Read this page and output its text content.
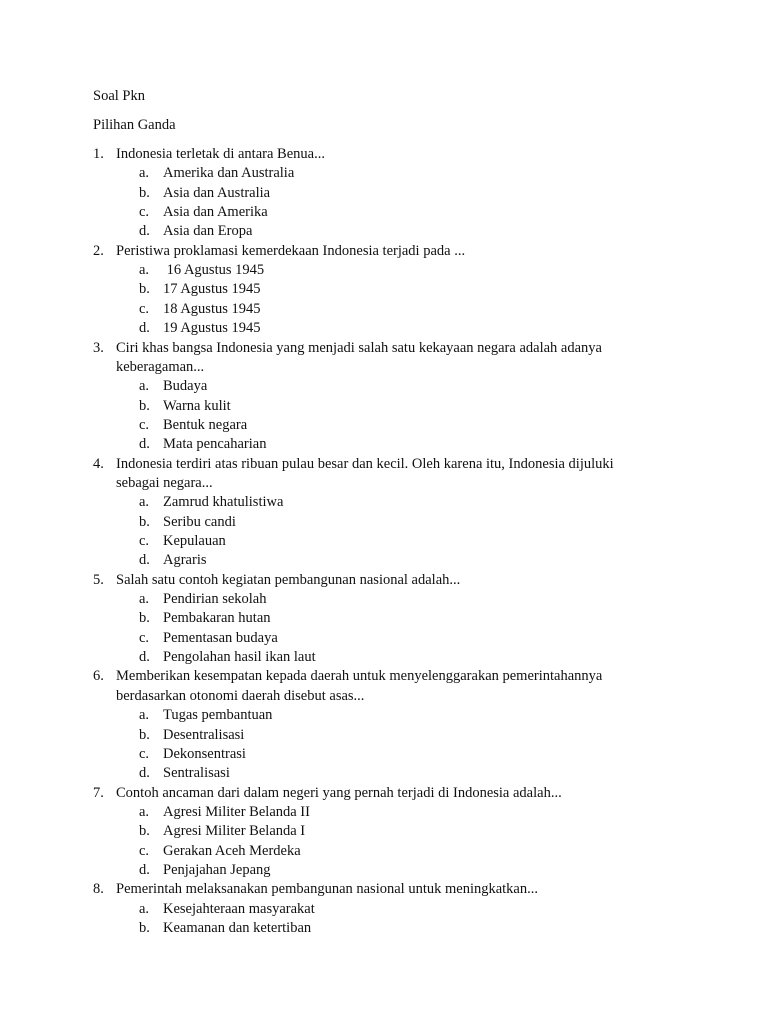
Soal Pkn
Pilihan Ganda
1. Indonesia terletak di antara Benua...
a. Amerika dan Australia
b. Asia dan Australia
c. Asia dan Amerika
d. Asia dan Eropa
2. Peristiwa proklamasi kemerdekaan Indonesia terjadi pada ...
a. 16 Agustus 1945
b. 17 Agustus 1945
c. 18 Agustus 1945
d. 19 Agustus 1945
3. Ciri khas bangsa Indonesia yang menjadi salah satu kekayaan negara adalah adanya
keberagaman...
a. Budaya
b. Warna kulit
c. Bentuk negara
d. Mata pencaharian
4. Indonesia terdiri atas ribuan pulau besar dan kecil. Oleh karena itu, Indonesia dijuluki
sebagai negara...
a. Zamrud khatulistiwa
b. Seribu candi
c. Kepulauan
d. Agraris
5. Salah satu contoh kegiatan pembangunan nasional adalah...
a. Pendirian sekolah
b. Pembakaran hutan
c. Pementasan budaya
d. Pengolahan hasil ikan laut
6. Memberikan kesempatan kepada daerah untuk menyelenggarakan pemerintahannya
berdasarkan otonomi daerah disebut asas...
a. Tugas pembantuan
b. Desentralisasi
c. Dekonsentrasi
d. Sentralisasi
7. Contoh ancaman dari dalam negeri yang pernah terjadi di Indonesia adalah...
a. Agresi Militer Belanda II
b. Agresi Militer Belanda I
c. Gerakan Aceh Merdeka
d. Penjajahan Jepang
8. Pemerintah melaksanakan pembangunan nasional untuk meningkatkan...
a. Kesejahteraan masyarakat
b. Keamanan dan ketertiban
